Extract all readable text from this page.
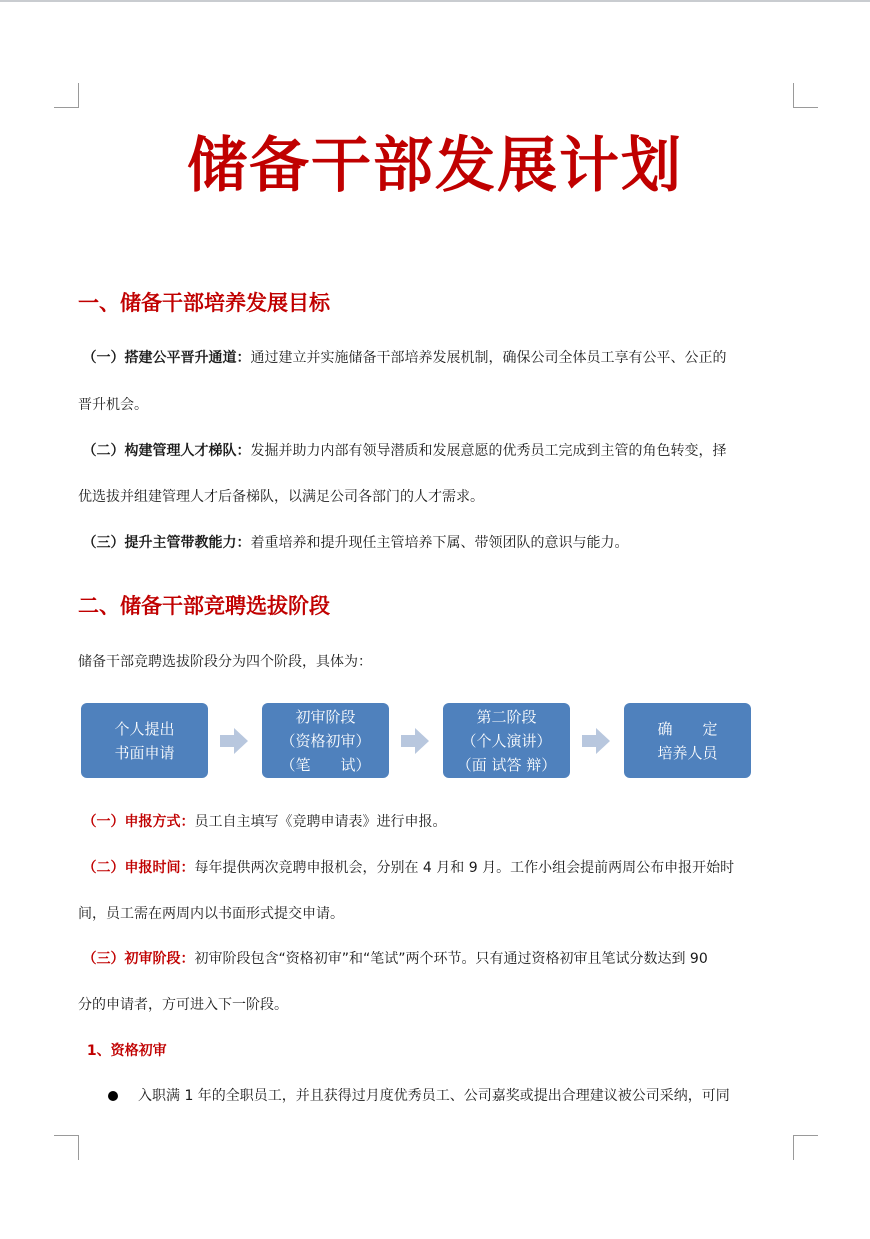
储备干部发展计划
一、储备干部培养发展目标
（一）搭建公平晋升通道：通过建立并实施储备干部培养发展机制，确保公司全体员工享有公平、公正的
晋升机会。
（二）构建管理人才梯队：发掘并助力内部有领导潜质和发展意愿的优秀员工完成到主管的角色转变，择
优选拔并组建管理人才后备梯队，以满足公司各部门的人才需求。
（三）提升主管带教能力：着重培养和提升现任主管培养下属、带领团队的意识与能力。
二、储备干部竞聘选拔阶段
储备干部竞聘选拔阶段分为四个阶段，具体为：
个人提出
书面申请
初审阶段
（资格初审）
（笔　　试）
第二阶段
（个人演讲）
（面 试答 辩）
确　　定
培养人员
（一）申报方式：员工自主填写《竞聘申请表》进行申报。
（二）申报时间：每年提供两次竞聘申报机会，分别在 4 月和 9 月。工作小组会提前两周公布申报开始时
间，员工需在两周内以书面形式提交申请。
（三）初审阶段：初审阶段包含“资格初审”和“笔试”两个环节。只有通过资格初审且笔试分数达到 90
分的申请者，方可进入下一阶段。
1、资格初审
入职满 1 年的全职员工，并且获得过月度优秀员工、公司嘉奖或提出合理建议被公司采纳，可同
